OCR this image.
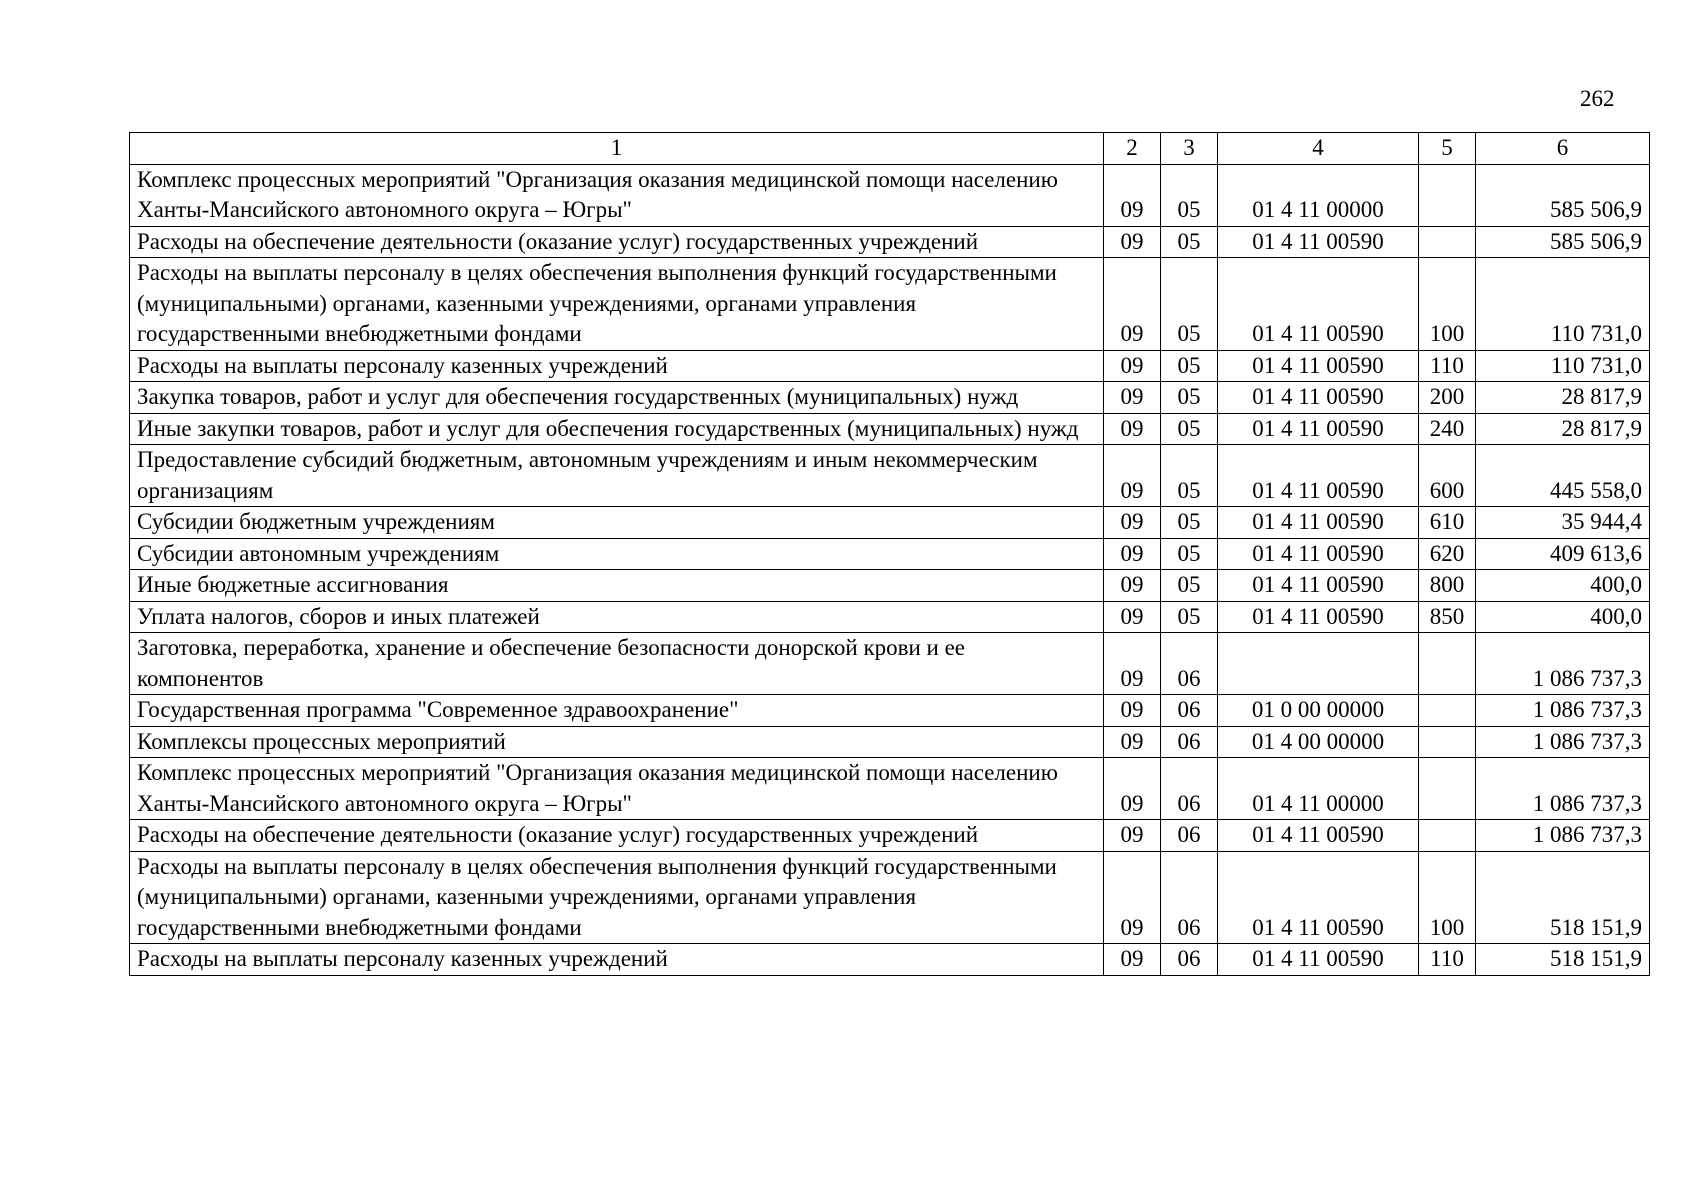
262
1	2	3	4	5	6
Комплекс процессных мероприятий "Организация оказания медицинской помощи населению Ханты-Мансийского автономного округа – Югры"	09	05	01 4 11 00000		585 506,9
Расходы на обеспечение деятельности (оказание услуг) государственных учреждений	09	05	01 4 11 00590		585 506,9
Расходы на выплаты персоналу в целях обеспечения выполнения функций государственными (муниципальными) органами, казенными учреждениями, органами управления государственными внебюджетными фондами	09	05	01 4 11 00590	100	110 731,0
Расходы на выплаты персоналу казенных учреждений	09	05	01 4 11 00590	110	110 731,0
Закупка товаров, работ и услуг для обеспечения государственных (муниципальных) нужд	09	05	01 4 11 00590	200	28 817,9
Иные закупки товаров, работ и услуг для обеспечения государственных (муниципальных) нужд	09	05	01 4 11 00590	240	28 817,9
Предоставление субсидий бюджетным, автономным учреждениям и иным некоммерческим организациям	09	05	01 4 11 00590	600	445 558,0
Субсидии бюджетным учреждениям	09	05	01 4 11 00590	610	35 944,4
Субсидии автономным учреждениям	09	05	01 4 11 00590	620	409 613,6
Иные бюджетные ассигнования	09	05	01 4 11 00590	800	400,0
Уплата налогов, сборов и иных платежей	09	05	01 4 11 00590	850	400,0
Заготовка, переработка, хранение и обеспечение безопасности донорской крови и ее компонентов	09	06			1 086 737,3
Государственная программа "Современное здравоохранение"	09	06	01 0 00 00000		1 086 737,3
Комплексы процессных мероприятий	09	06	01 4 00 00000		1 086 737,3
Комплекс процессных мероприятий "Организация оказания медицинской помощи населению Ханты-Мансийского автономного округа – Югры"	09	06	01 4 11 00000		1 086 737,3
Расходы на обеспечение деятельности (оказание услуг) государственных учреждений	09	06	01 4 11 00590		1 086 737,3
Расходы на выплаты персоналу в целях обеспечения выполнения функций государственными (муниципальными) органами, казенными учреждениями, органами управления государственными внебюджетными фондами	09	06	01 4 11 00590	100	518 151,9
Расходы на выплаты персоналу казенных учреждений	09	06	01 4 11 00590	110	518 151,9
